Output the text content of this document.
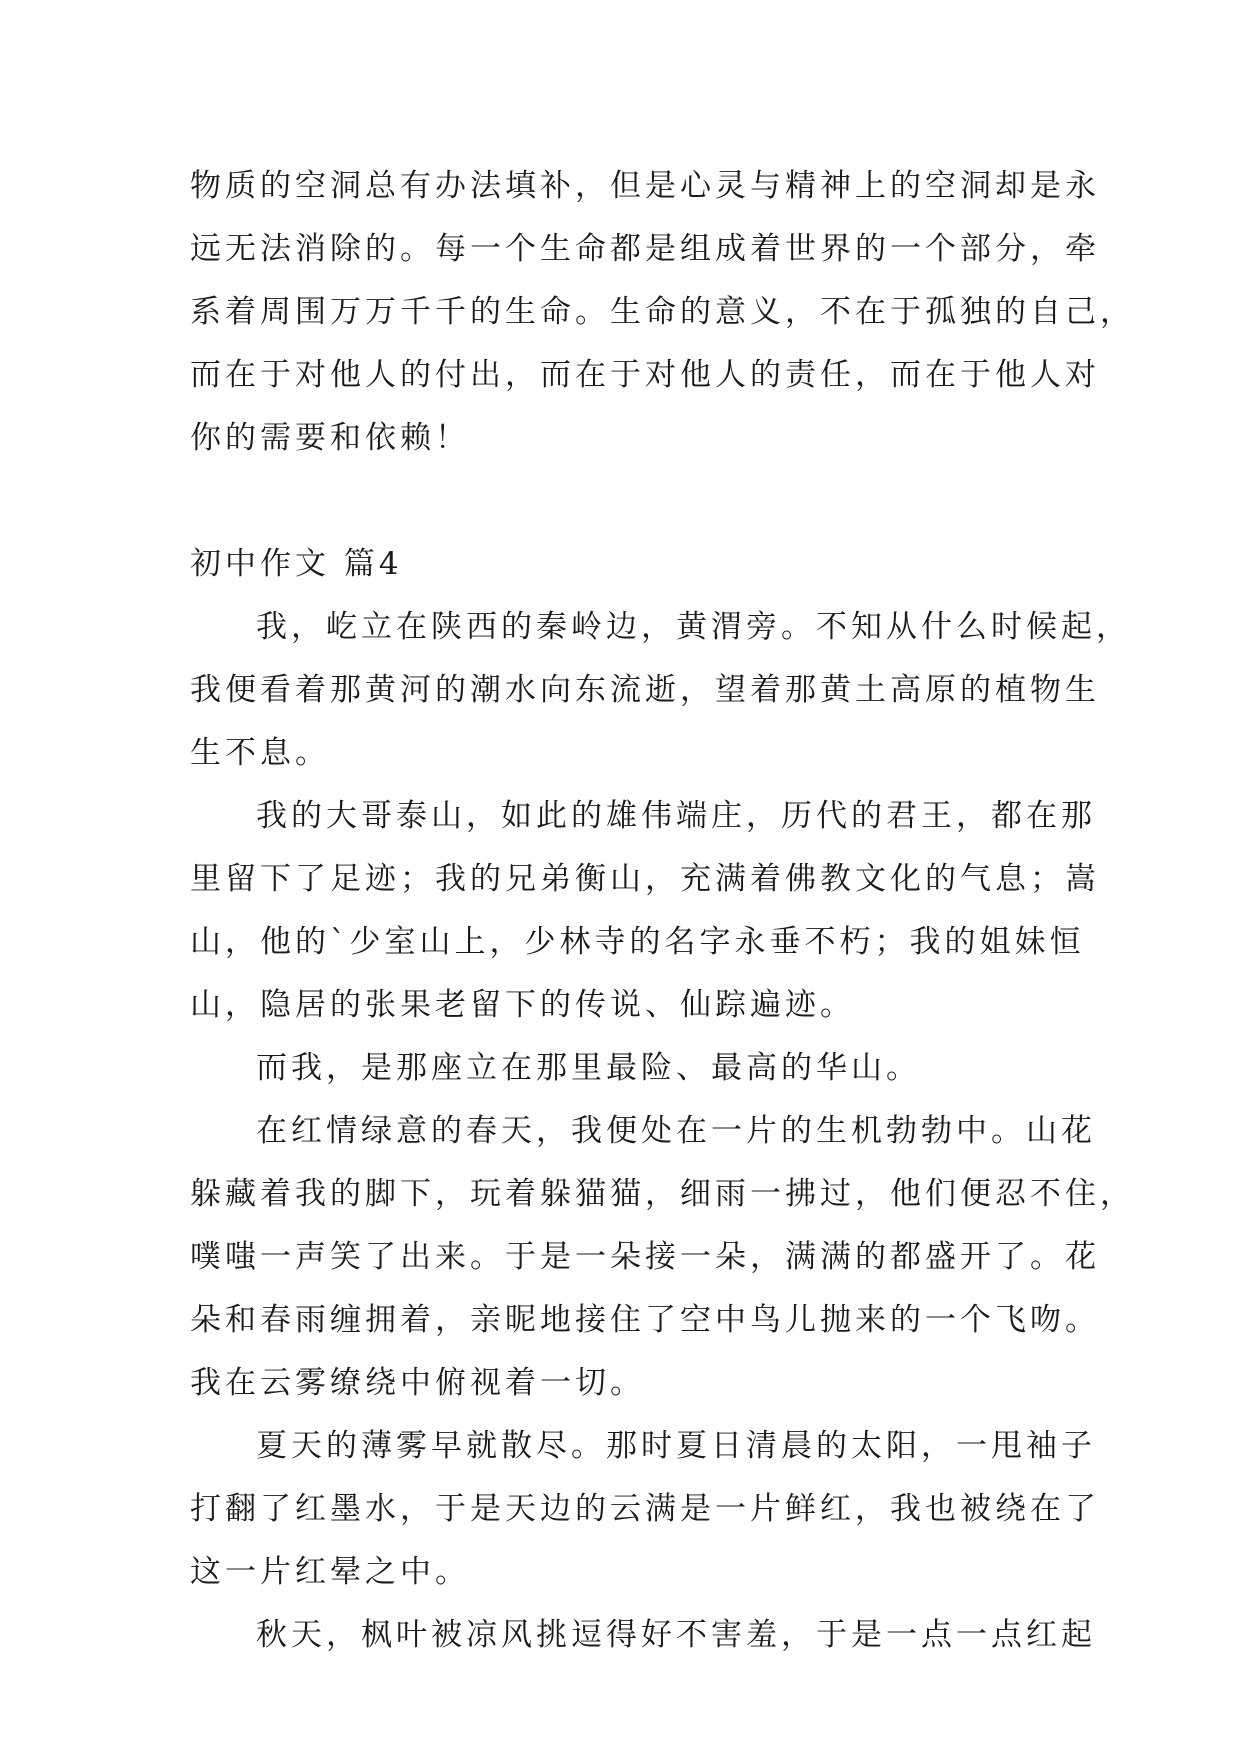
物质的空洞总有办法填补，但是心灵与精神上的空洞却是永
远无法消除的。每一个生命都是组成着世界的一个部分，牵
系着周围万万千千的生命。生命的意义，不在于孤独的自己，
而在于对他人的付出，而在于对他人的责任，而在于他人对
你的需要和依赖！
初中作文 篇4
我，屹立在陕西的秦岭边，黄渭旁。不知从什么时候起，
我便看着那黄河的潮水向东流逝，望着那黄土高原的植物生
生不息。
我的大哥泰山，如此的雄伟端庄，历代的君王，都在那
里留下了足迹；我的兄弟衡山，充满着佛教文化的气息；嵩
山，他的`少室山上，少林寺的名字永垂不朽；我的姐妹恒
山，隐居的张果老留下的传说、仙踪遍迹。
而我，是那座立在那里最险、最高的华山。
在红情绿意的春天，我便处在一片的生机勃勃中。山花
躲藏着我的脚下，玩着躲猫猫，细雨一拂过，他们便忍不住，
噗嗤一声笑了出来。于是一朵接一朵，满满的都盛开了。花
朵和春雨缠拥着，亲昵地接住了空中鸟儿抛来的一个飞吻。
我在云雾缭绕中俯视着一切。
夏天的薄雾早就散尽。那时夏日清晨的太阳，一甩袖子
打翻了红墨水，于是天边的云满是一片鲜红，我也被绕在了
这一片红晕之中。
秋天，枫叶被凉风挑逗得好不害羞，于是一点一点红起
